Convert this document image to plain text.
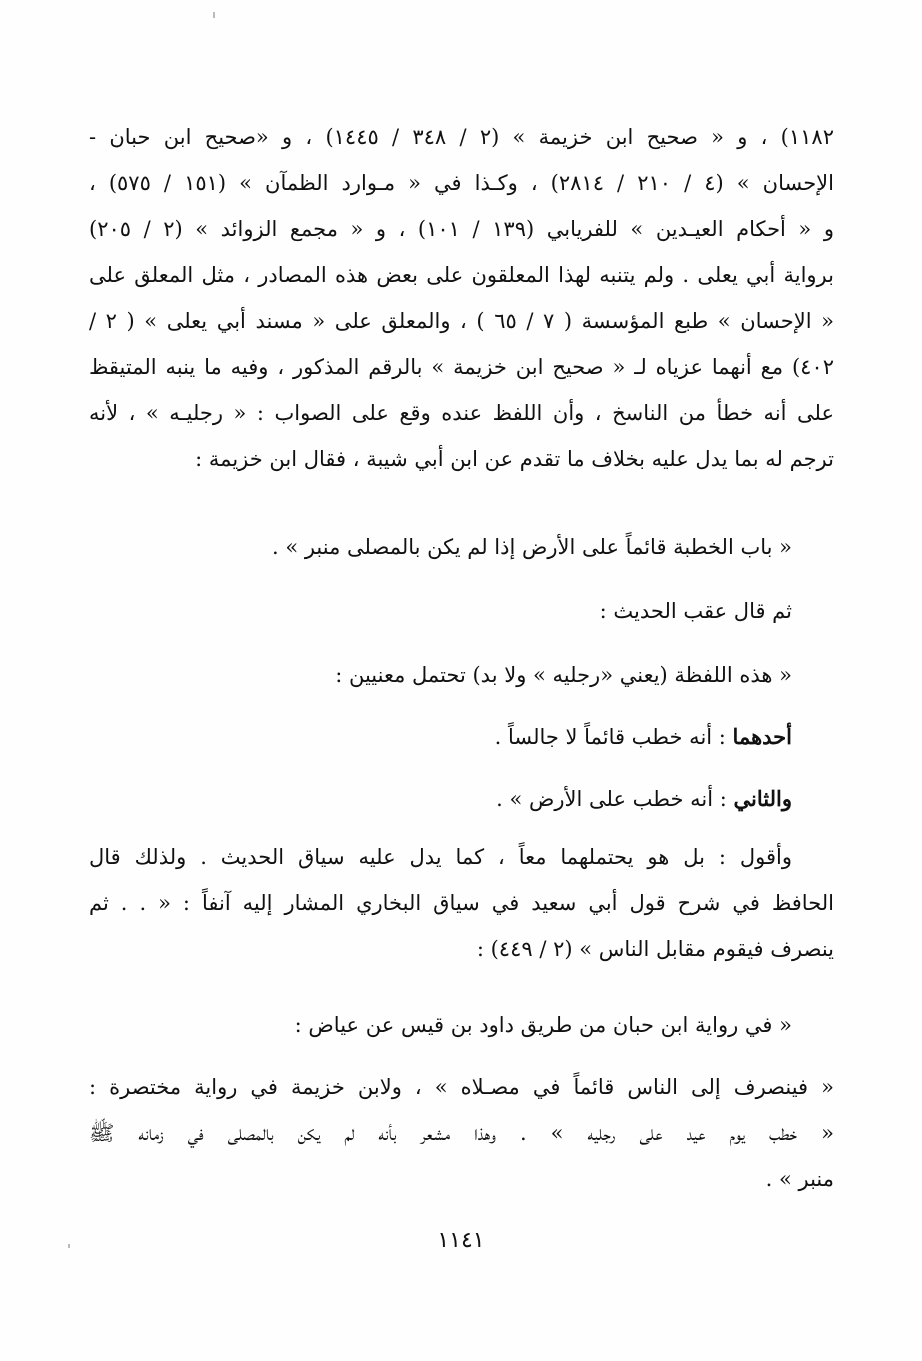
١١٨٢) ، و « صحيح ابن خزيمة » (٢ / ٣٤٨ / ١٤٤٥) ، و «صحيح ابن حبان -
الإحسان » (٤ / ٢١٠ / ٢٨١٤) ، وكـذا في « مـوارد الظمآن » (١٥١ / ٥٧٥) ،
و « أحكام العيـدين » للفريابي (١٣٩ / ١٠١) ، و « مجمع الزوائد » (٢ / ٢٠٥)
برواية أبي يعلى . ولم يتنبه لهذا المعلقون على بعض هذه المصادر ، مثل المعلق على
« الإحسان » طبع المؤسسة ( ٧ / ٦٥ ) ، والمعلق على « مسند أبي يعلى » ( ٢ /
٤٠٢) مع أنهما عزياه لـ « صحيح ابن خزيمة » بالرقم المذكور ، وفيه ما ينبه المتيقظ
على أنه خطأ من الناسخ ، وأن اللفظ عنده وقع على الصواب : « رجليـه » ، لأنه
ترجم له بما يدل عليه بخلاف ما تقدم عن ابن أبي شيبة ، فقال ابن خزيمة :
« باب الخطبة قائماً على الأرض إذا لم يكن بالمصلى منبر » .
ثم قال عقب الحديث :
« هذه اللفظة (يعني «رجليه » ولا بد) تحتمل معنيين :
أحدهما : أنه خطب قائماً لا جالساً .
والثاني : أنه خطب على الأرض » .
وأقول : بل هو يحتملهما معاً ، كما يدل عليه سياق الحديث . ولذلك قال
الحافظ في شرح قول أبي سعيد في سياق البخاري المشار إليه آنفاً : « . . ثم
ينصرف فيقوم مقابل الناس » (٢ / ٤٤٩) :
« في رواية ابن حبان من طريق داود بن قيس عن عياض :
« فينصرف إلى الناس قائماً في مصـلاه » ، ولابن خزيمة في رواية مختصرة :
« خطب يوم عيد على رجليه » . وهذا مشعر بأنه لم يكن بالمصلى في زمانه ﷺ
منبر » .
١١٤١
